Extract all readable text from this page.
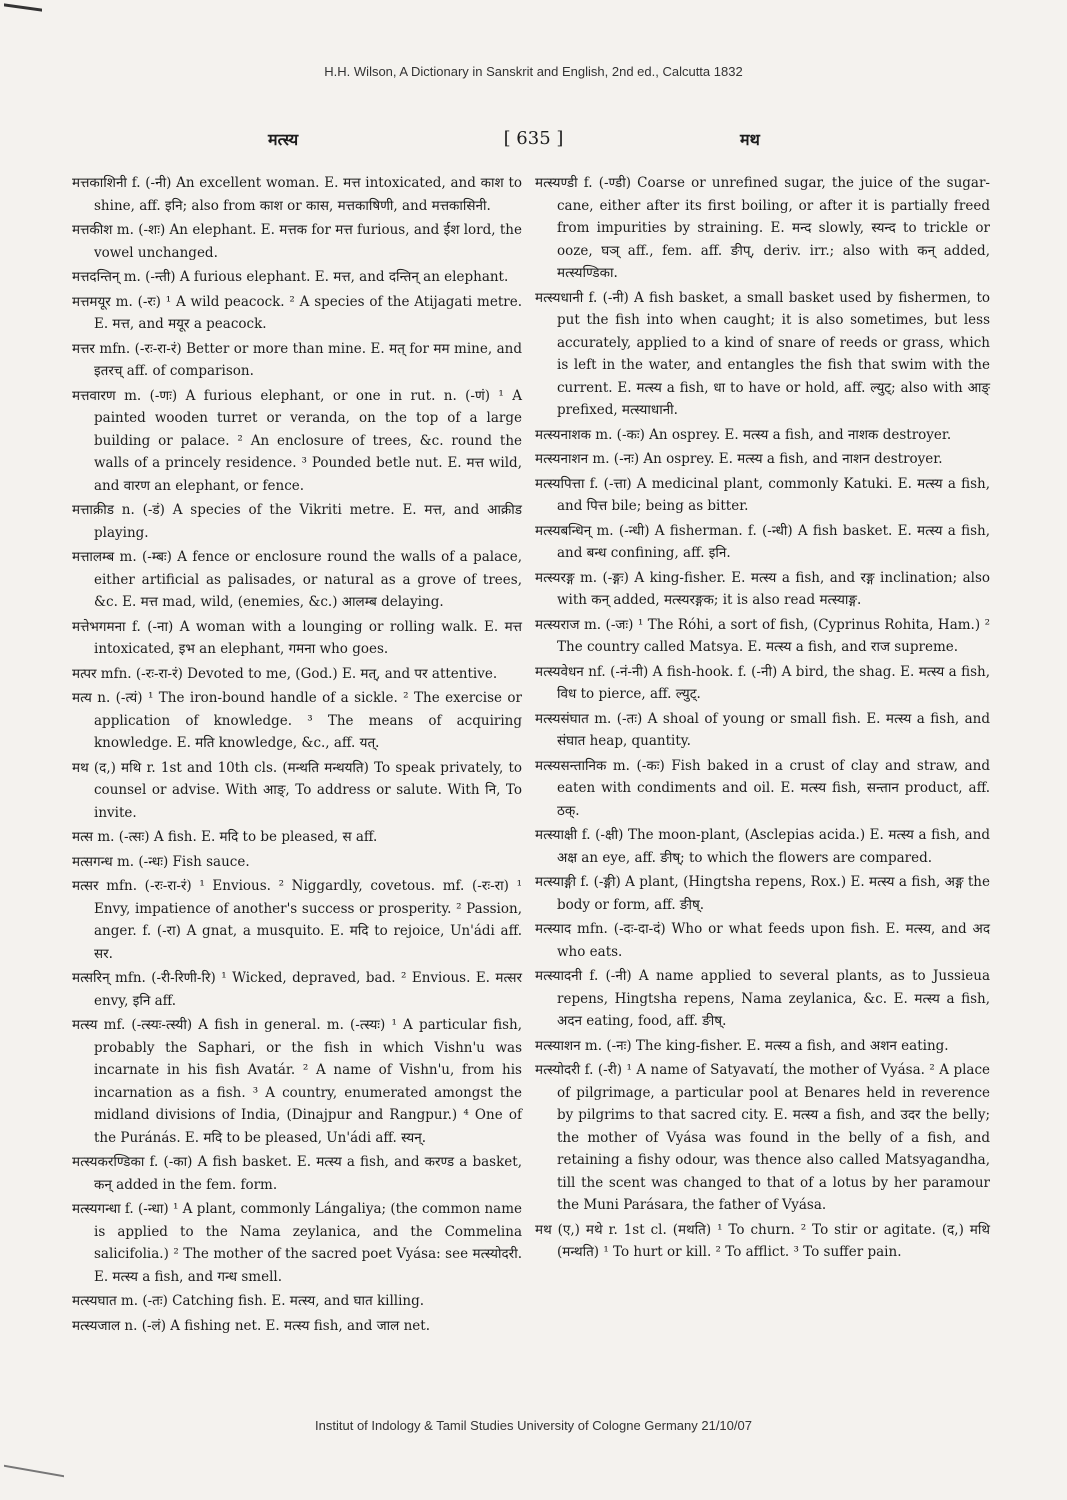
H.H. Wilson, A Dictionary in Sanskrit and English, 2nd ed., Calcutta 1832
मत्स्य	[ 635 ]	मथ

मत्तकाशिनी f. (-नी) An excellent woman. E. मत्त intoxicated, and काश to shine, aff. इनि; also from काश or कास, मत्तकाषिणी, and मत्तकासिनी.

मत्तकीश m. (-शः) An elephant. E. मत्तक for मत्त furious, and ईश lord, the vowel unchanged.

मत्तदन्तिन् m. (-न्ती) A furious elephant. E. मत्त, and दन्तिन् an elephant.

मत्तमयूर m. (-रः) ¹ A wild peacock. ² A species of the Atijagati metre. E. मत्त, and मयूर a peacock.

मत्तर mfn. (-रः-रा-रं) Better or more than mine. E. मत् for मम mine, and इतरच् aff. of comparison.

मत्तवारण m. (-णः) A furious elephant, or one in rut. n. (-णं) ¹ A painted wooden turret or veranda, on the top of a large building or palace. ² An enclosure of trees, &c. round the walls of a princely residence. ³ Pounded betle nut. E. मत्त wild, and वारण an elephant, or fence.

मत्ताक्रीड n. (-डं) A species of the Vikriti metre. E. मत्त, and आक्रीड playing.

मत्तालम्ब m. (-म्बः) A fence or enclosure round the walls of a palace, either artificial as palisades, or natural as a grove of trees, &c. E. मत्त mad, wild, (enemies, &c.) आलम्ब delaying.

मत्तेभगमना f. (-ना) A woman with a lounging or rolling walk. E. मत्त intoxicated, इभ an elephant, गमना who goes.

मत्पर mfn. (-रः-रा-रं) Devoted to me, (God.) E. मत्, and पर attentive.

मत्य n. (-त्यं) ¹ The iron-bound handle of a sickle. ² The exercise or application of knowledge. ³ The means of acquiring knowledge. E. मति knowledge, &c., aff. यत्.

मथ (द,) मथि r. 1st and 10th cls. (मन्थति मन्थयति) To speak privately, to counsel or advise. With आङ्, To address or salute. With नि, To invite.

मत्स m. (-त्सः) A fish. E. मदि to be pleased, स aff.

मत्सगन्ध m. (-न्धः) Fish sauce.

मत्सर mfn. (-रः-रा-रं) ¹ Envious. ² Niggardly, covetous. mf. (-रः-रा) ¹ Envy, impatience of another's success or prosperity. ² Passion, anger. f. (-रा) A gnat, a musquito. E. मदि to rejoice, Un'ádi aff. सर.

मत्सरिन् mfn. (-री-रिणी-रि) ¹ Wicked, depraved, bad. ² Envious. E. मत्सर envy, इनि aff.

मत्स्य mf. (-त्स्यः-त्स्यी) A fish in general. m. (-त्स्यः) ¹ A particular fish, probably the Saphari, or the fish in which Vishn'u was incarnate in his fish Avatár. ² A name of Vishn'u, from his incarnation as a fish. ³ A country, enumerated amongst the midland divisions of India, (Dinajpur and Rangpur.) ⁴ One of the Puránás. E. मदि to be pleased, Un'ádi aff. स्यन्.

मत्स्यकरण्डिका f. (-का) A fish basket. E. मत्स्य a fish, and करण्ड a basket, कन् added in the fem. form.

मत्स्यगन्धा f. (-न्धा) ¹ A plant, commonly Lángaliya; (the common name is applied to the Nama zeylanica, and the Commelina salicifolia.) ² The mother of the sacred poet Vyása: see मत्स्योदरी. E. मत्स्य a fish, and गन्ध smell.

मत्स्यघात m. (-तः) Catching fish. E. मत्स्य, and घात killing.

मत्स्यजाल n. (-लं) A fishing net. E. मत्स्य fish, and जाल net.

मत्स्यण्डी f. (-ण्डी) Coarse or unrefined sugar, the juice of the sugar-cane, either after its first boiling, or after it is partially freed from impurities by straining. E. मन्द slowly, स्यन्द to trickle or ooze, घञ् aff., fem. aff. ङीप्, deriv. irr.; also with कन् added, मत्स्यण्डिका.

मत्स्यधानी f. (-नी) A fish basket, a small basket used by fishermen, to put the fish into when caught; it is also sometimes, but less accurately, applied to a kind of snare of reeds or grass, which is left in the water, and entangles the fish that swim with the current. E. मत्स्य a fish, धा to have or hold, aff. ल्युट्; also with आङ् prefixed, मत्स्याधानी.

मत्स्यनाशक m. (-कः) An osprey. E. मत्स्य a fish, and नाशक destroyer.

मत्स्यनाशन m. (-नः) An osprey. E. मत्स्य a fish, and नाशन destroyer.

मत्स्यपित्ता f. (-त्ता) A medicinal plant, commonly Katuki. E. मत्स्य a fish, and पित्त bile; being as bitter.

मत्स्यबन्धिन् m. (-न्धी) A fisherman. f. (-न्धी) A fish basket. E. मत्स्य a fish, and बन्ध confining, aff. इनि.

मत्स्यरङ्ग m. (-ङ्गः) A king-fisher. E. मत्स्य a fish, and रङ्ग inclination; also with कन् added, मत्स्यरङ्गक; it is also read मत्स्याङ्ग.

मत्स्यराज m. (-जः) ¹ The Róhi, a sort of fish, (Cyprinus Rohita, Ham.) ² The country called Matsya. E. मत्स्य a fish, and राज supreme.

मत्स्यवेधन nf. (-नं-नी) A fish-hook. f. (-नी) A bird, the shag. E. मत्स्य a fish, विध to pierce, aff. ल्युट्.

मत्स्यसंघात m. (-तः) A shoal of young or small fish. E. मत्स्य a fish, and संघात heap, quantity.

मत्स्यसन्तानिक m. (-कः) Fish baked in a crust of clay and straw, and eaten with condiments and oil. E. मत्स्य fish, सन्तान product, aff. ठक्.

मत्स्याक्षी f. (-क्षी) The moon-plant, (Asclepias acida.) E. मत्स्य a fish, and अक्ष an eye, aff. ङीष्; to which the flowers are compared.

मत्स्याङ्गी f. (-ङ्गी) A plant, (Hingtsha repens, Rox.) E. मत्स्य a fish, अङ्ग the body or form, aff. ङीष्.

मत्स्याद mfn. (-दः-दा-दं) Who or what feeds upon fish. E. मत्स्य, and अद who eats.

मत्स्यादनी f. (-नी) A name applied to several plants, as to Jussieua repens, Hingtsha repens, Nama zeylanica, &c. E. मत्स्य a fish, अदन eating, food, aff. ङीष्.

मत्स्याशन m. (-नः) The king-fisher. E. मत्स्य a fish, and अशन eating.

मत्स्योदरी f. (-री) ¹ A name of Satyavatí, the mother of Vyása. ² A place of pilgrimage, a particular pool at Benares held in reverence by pilgrims to that sacred city. E. मत्स्य a fish, and उदर the belly; the mother of Vyása was found in the belly of a fish, and retaining a fishy odour, was thence also called Matsyagandha, till the scent was changed to that of a lotus by her paramour the Muni Parásara, the father of Vyása.

मथ (ए,) मथे r. 1st cl. (मथति) ¹ To churn. ² To stir or agitate. (द,) मथि (मन्थति) ¹ To hurt or kill. ² To afflict. ³ To suffer pain.

Institut of Indology & Tamil Studies University of Cologne Germany 21/10/07
